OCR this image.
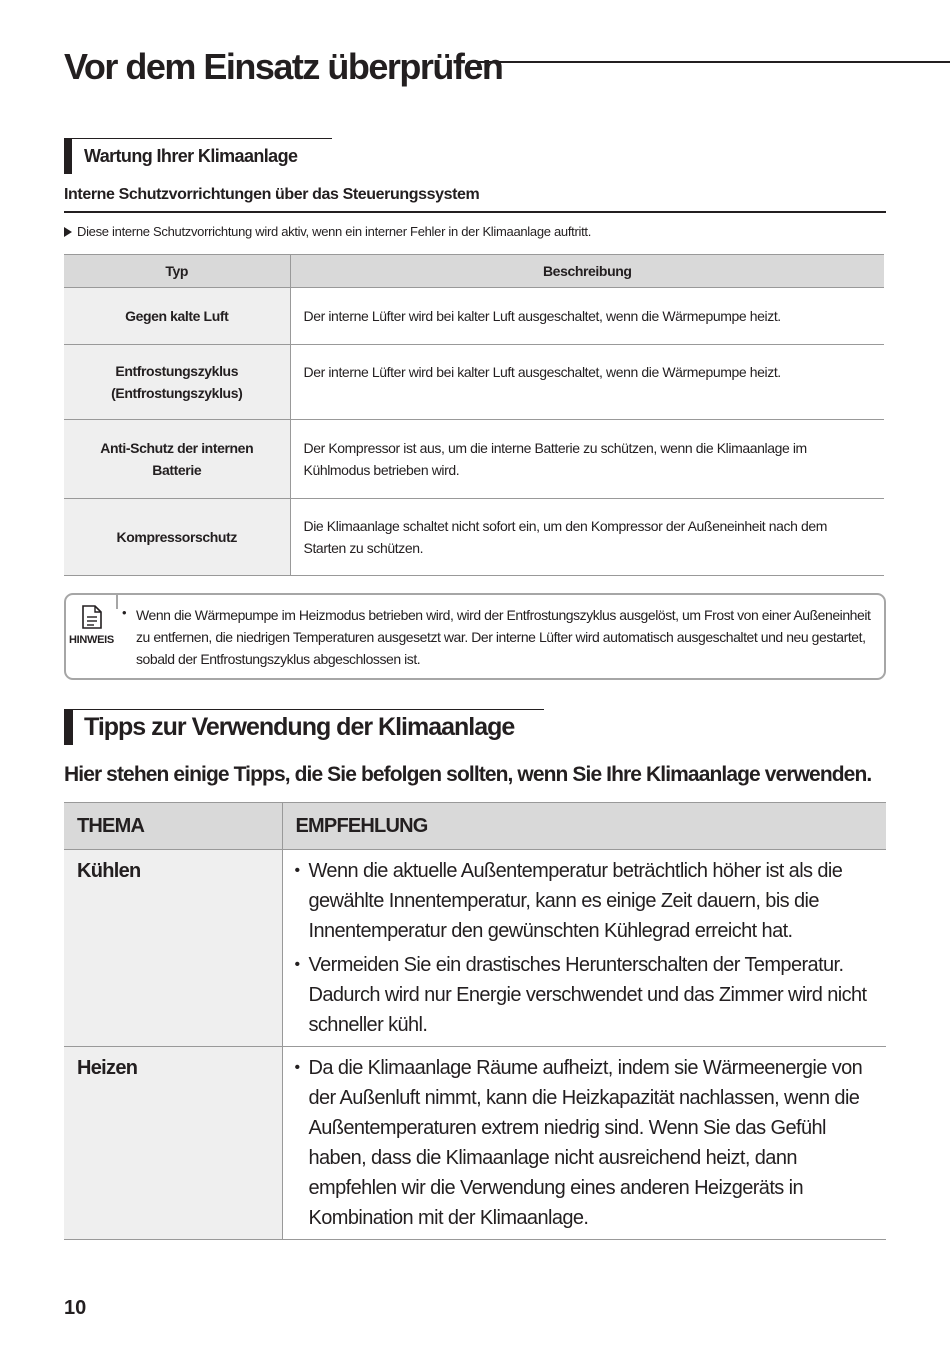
Vor dem Einsatz überprüfen
Wartung Ihrer Klimaanlage
Interne Schutzvorrichtungen über das Steuerungssystem
Diese interne Schutzvorrichtung wird aktiv, wenn ein interner Fehler in der Klimaanlage auftritt.
Typ	Beschreibung
Gegen kalte Luft	Der interne Lüfter wird bei kalter Luft ausgeschaltet, wenn die Wärmepumpe heizt.
Entfrostungszyklus (Entfrostungszyklus)	Der interne Lüfter wird bei kalter Luft ausgeschaltet, wenn die Wärmepumpe heizt.
Anti-Schutz der internen Batterie	Der Kompressor ist aus, um die interne Batterie zu schützen, wenn die Klimaanlage im Kühlmodus betrieben wird.
Kompressorschutz	Die Klimaanlage schaltet nicht sofort ein, um den Kompressor der Außeneinheit nach dem Starten zu schützen.
HINWEIS
• Wenn die Wärmepumpe im Heizmodus betrieben wird, wird der Entfrostungszyklus ausgelöst, um Frost von einer Außeneinheit zu entfernen, die niedrigen Temperaturen ausgesetzt war. Der interne Lüfter wird automatisch ausgeschaltet und neu gestartet, sobald der Entfrostungszyklus abgeschlossen ist.
Tipps zur Verwendung der Klimaanlage
Hier stehen einige Tipps, die Sie befolgen sollten, wenn Sie Ihre Klimaanlage verwenden.
THEMA	EMPFEHLUNG
Kühlen	• Wenn die aktuelle Außentemperatur beträchtlich höher ist als die gewählte Innentemperatur, kann es einige Zeit dauern, bis die Innentemperatur den gewünschten Kühlegrad erreicht hat.
• Vermeiden Sie ein drastisches Herunterschalten der Temperatur. Dadurch wird nur Energie verschwendet und das Zimmer wird nicht schneller kühl.

Heizen	• Da die Klimaanlage Räume aufheizt, indem sie Wärmeenergie von der Außenluft nimmt, kann die Heizkapazität nachlassen, wenn die Außentemperaturen extrem niedrig sind. Wenn Sie das Gefühl haben, dass die Klimaanlage nicht ausreichend heizt, dann empfehlen wir die Verwendung eines anderen Heizgeräts in Kombination mit der Klimaanlage.
10
